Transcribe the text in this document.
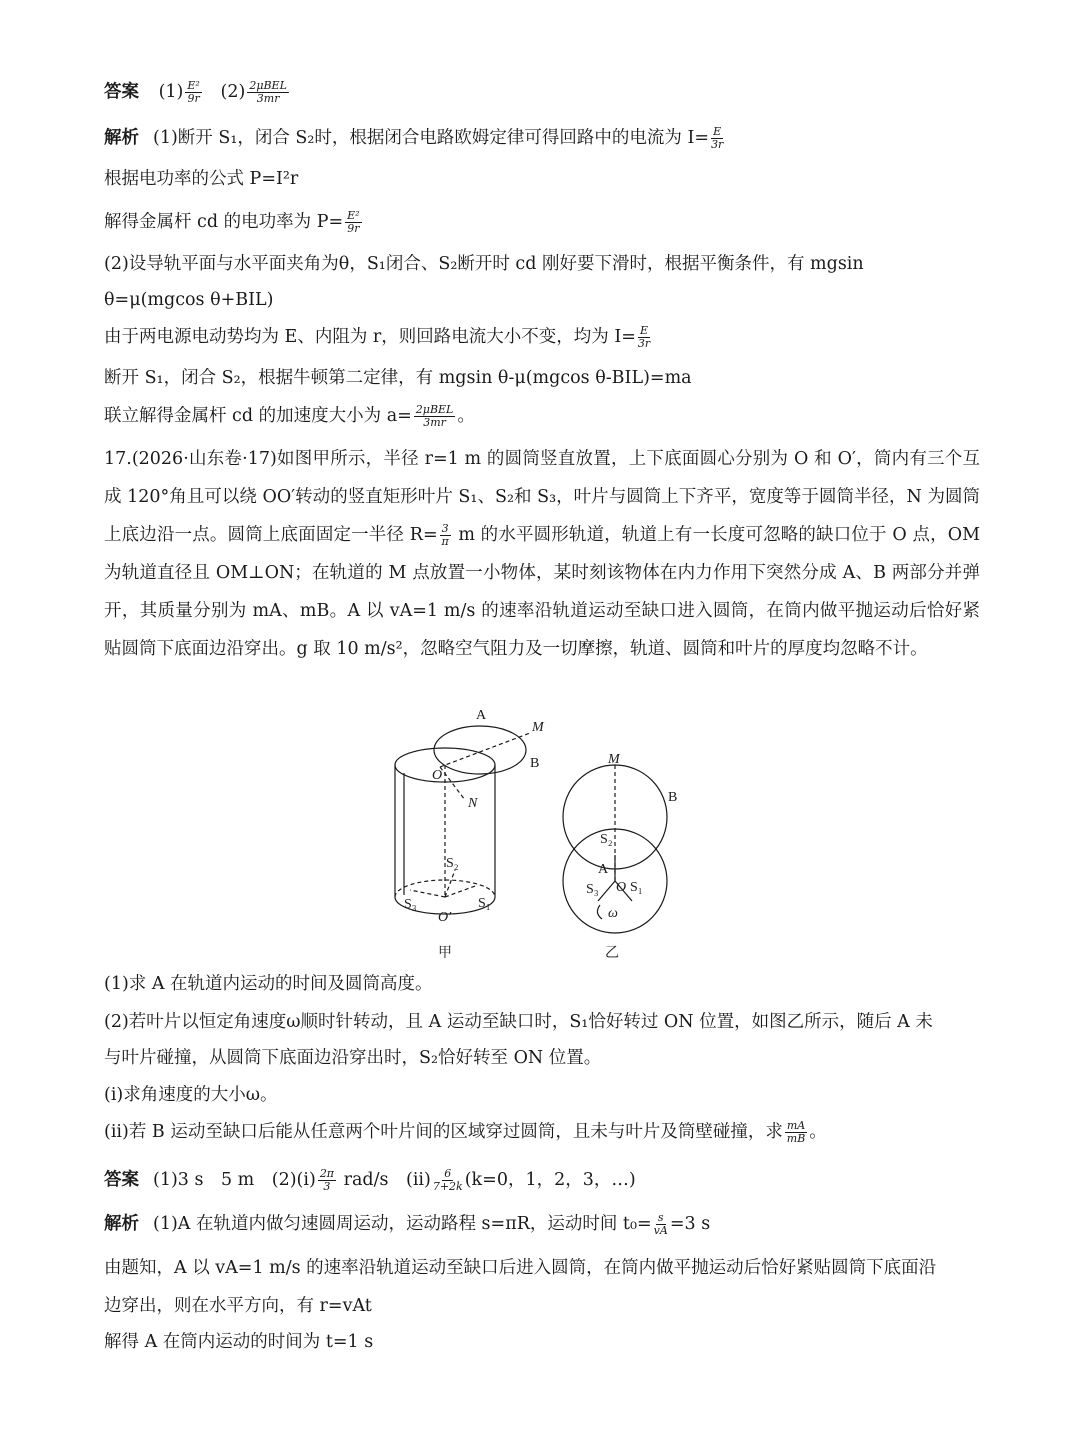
答案 $(1) \frac{\text{E²}}{9r} (2) \frac{\text{2μBEL}}{3mr}$
解析 (1)断开 S₁，闭合 S₂时，根据闭合电路欧姆定律可得回路中的电流为 $I= \frac{E}{3r}$
根据电功率的公式 P=I²r
解得金属杆 cd 的电功率为 $P= \frac{\text{E²}}{9r}$
(2)设导轨平面与水平面夹角为θ，S₁闭合、S₂断开时 cd 刚好要下滑时，根据平衡条件，有 mgsin
θ=μ(mgcos θ+BIL)
由于两电源电动势均为 E、内阻为 r，则回路电流大小不变，均为 $I= \frac{E}{3r}$
断开 S₁，闭合 S₂，根据牛顿第二定律，有 mgsin θ-μ(mgcos θ-BIL)=ma
联立解得金属杆 cd 的加速度大小为 $a= \frac{\text{2μBEL}}{3mr}$ 。
17.(2026·山东卷·17)如图甲所示，半径 r=1 m 的圆筒竖直放置，上下底面圆心分别为 O 和 O′，筒内有三个互成 120°角且可以绕 OO′转动的竖直矩形叶片 S₁、S₂和 S₃，叶片与圆筒上下齐平，宽度等于圆筒半径，N 为圆筒上底边沿一点。圆筒上底面固定一半径 $R= \frac{3}{\pi}$ m 的水平圆形轨道，轨道上有一长度可忽略的缺口位于 O 点，OM 为轨道直径且 OM⊥ON；在轨道的 M 点放置一小物体，某时刻该物体在内力作用下突然分成 A、B 两部分并弹开，其质量分别为 mA、mB。A 以 vA=1 m/s 的速率沿轨道运动至缺口进入圆筒，在筒内做平抛运动后恰好紧贴圆筒下底面边沿穿出。g 取 10 m/s²，忽略空气阻力及一切摩擦，轨道、圆筒和叶片的厚度均忽略不计。
A
M
B
O
N
S₂
S₃	S₁
O′
甲
M
B
S₂
A
S₃ O S₁
ω
乙
(1)求 A 在轨道内运动的时间及圆筒高度。
(2)若叶片以恒定角速度ω顺时针转动，且 A 运动至缺口时，S₁恰好转过 ON 位置，如图乙所示，随后 A 未
与叶片碰撞，从圆筒下底面边沿穿出时，S₂恰好转至 ON 位置。
(i)求角速度的大小ω。
(ii)若 B 运动至缺口后能从任意两个叶片间的区域穿过圆筒，且未与叶片及筒壁碰撞，求 $\frac{mA}{mB}$ 。
答案 (1)3 s　5 m　$(2)(i) \frac{2\pi}{3} rad/s$　$(ii) \frac{6}{7+2k} (k=0$，1，2，3，…)
解析 (1)A 在轨道内做匀速圆周运动，运动路程 s=πR，运动时间 $t_0= \frac{s}{vA} =3$ s
由题知，A 以 vA=1 m/s 的速率沿轨道运动至缺口后进入圆筒，在筒内做平抛运动后恰好紧贴圆筒下底面沿
边穿出，则在水平方向，有 r=vAt
解得 A 在筒内运动的时间为 t=1 s
